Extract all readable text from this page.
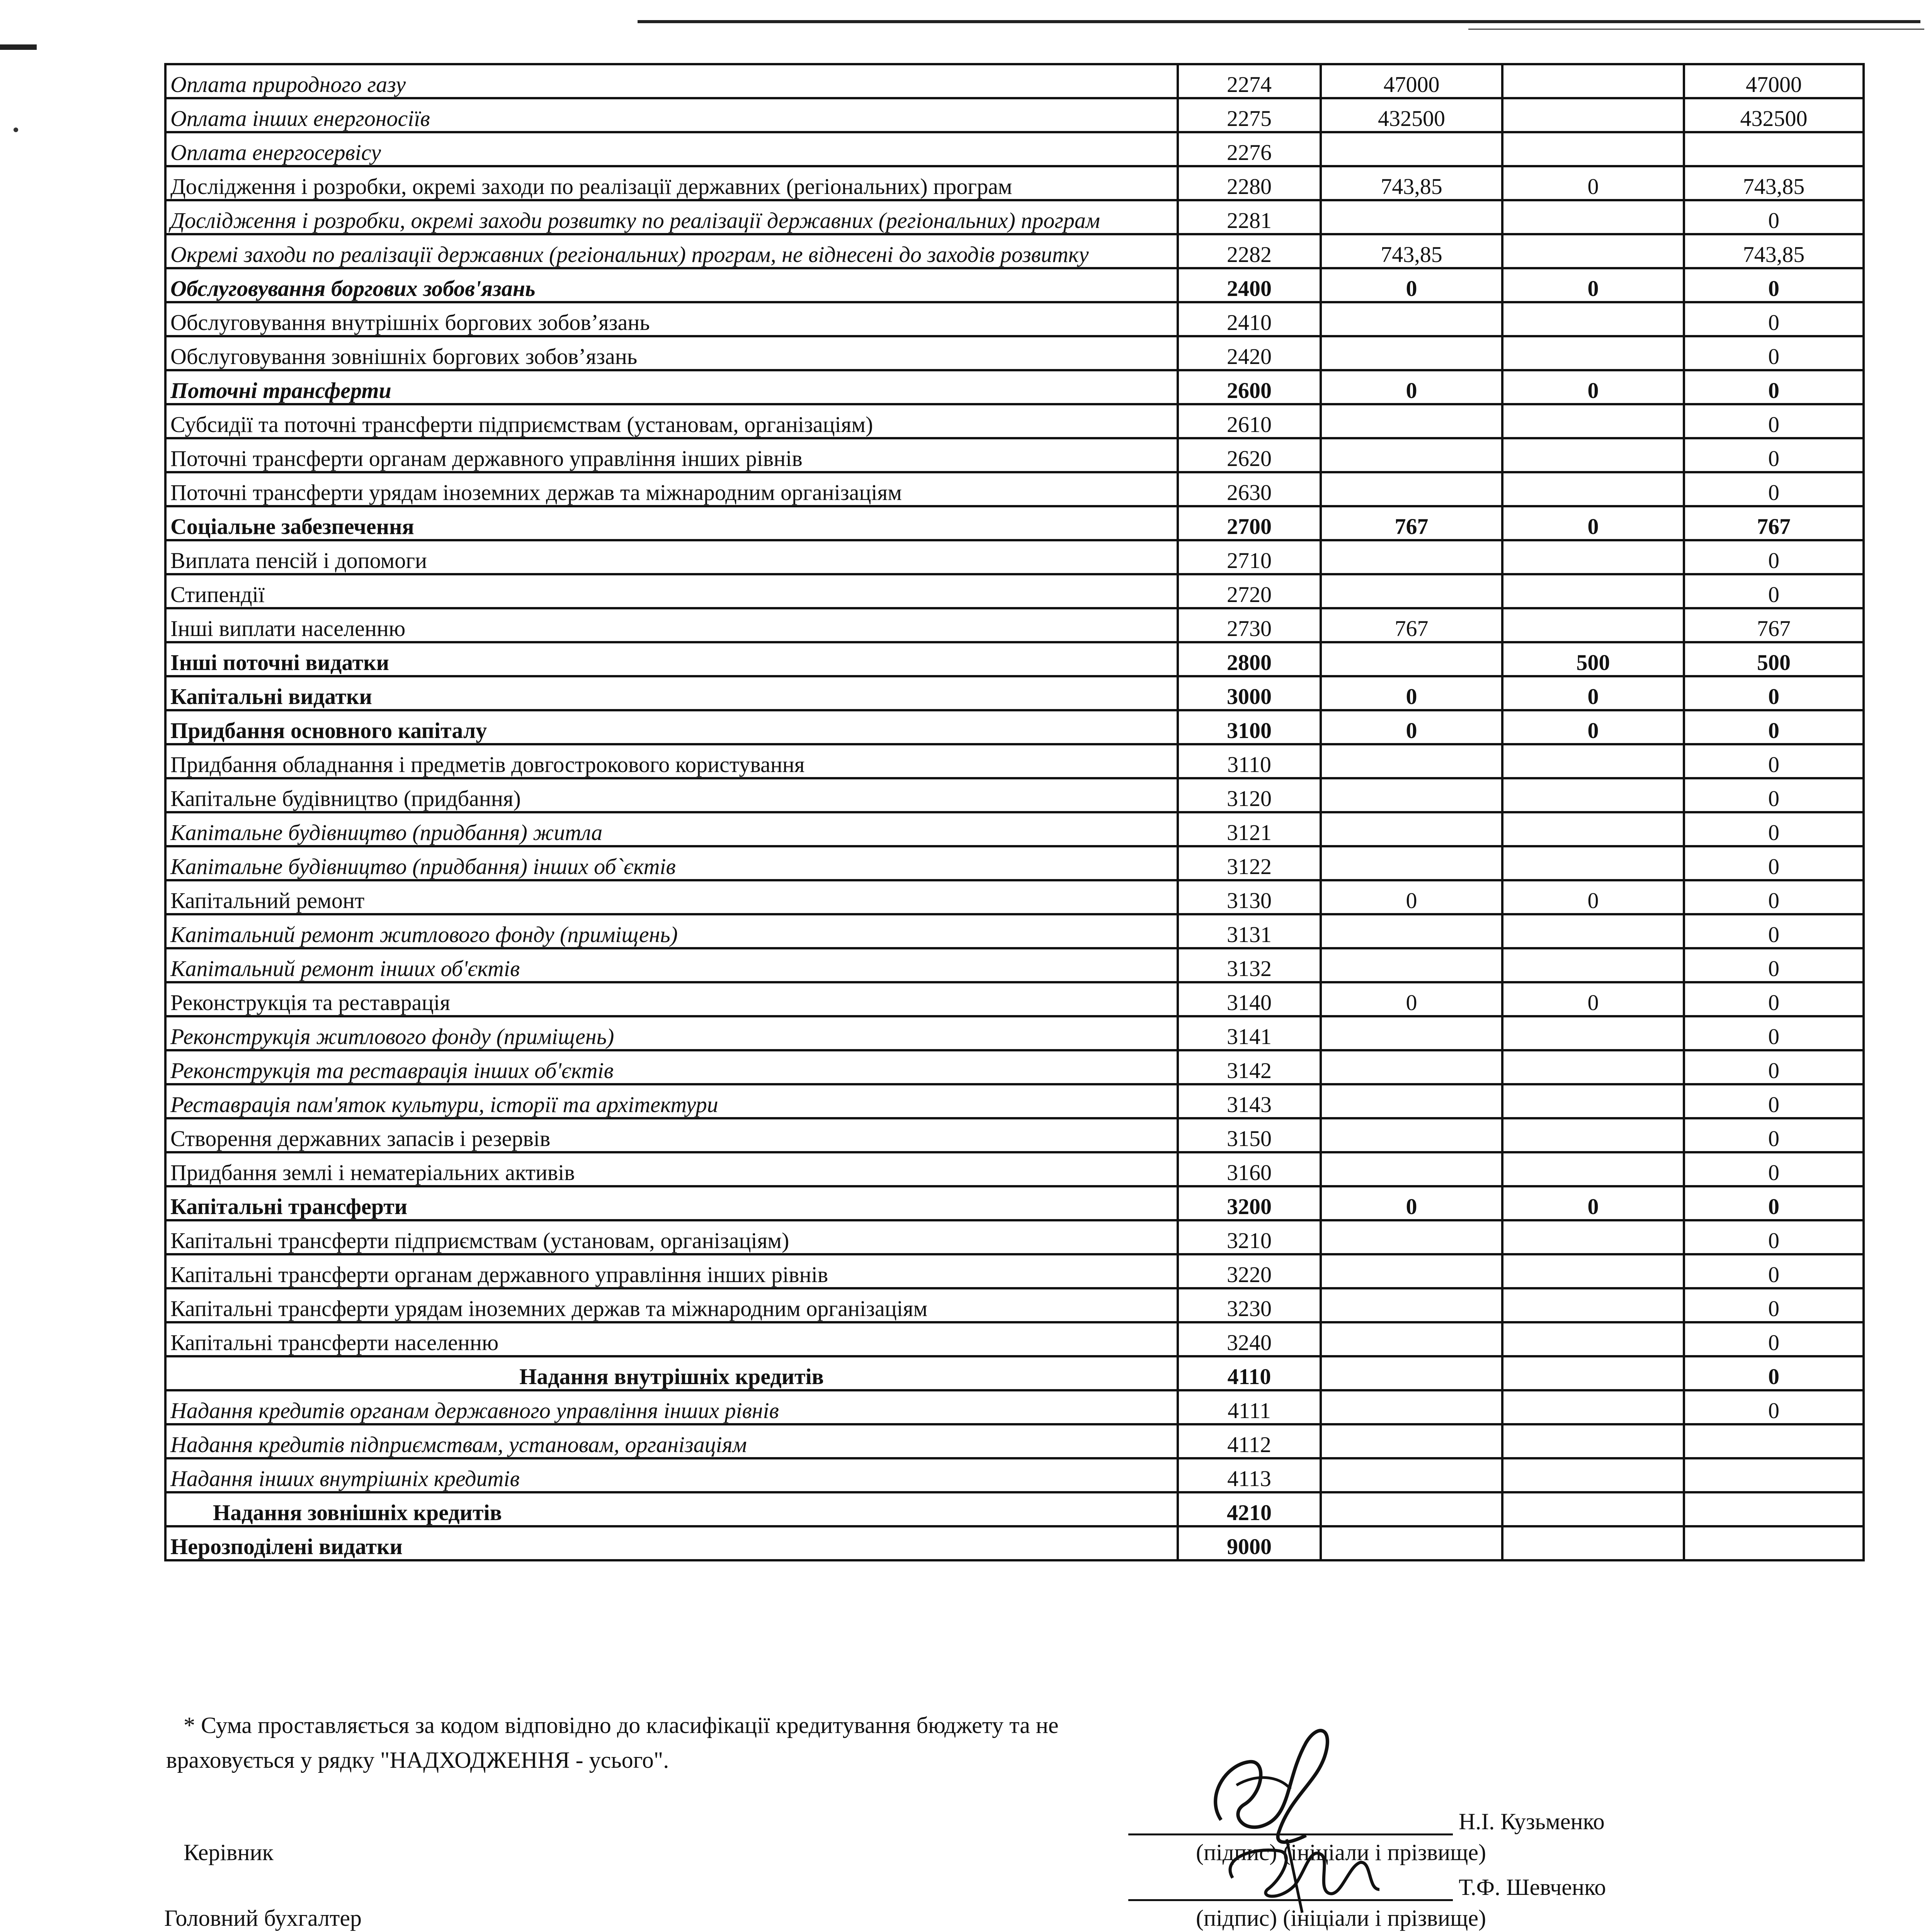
Оплата природного газу	2274	47000		47000
Оплата інших енергоносіїв	2275	432500		432500
Оплата енергосервісу	2276			
Дослідження і розробки, окремі заходи по реалізації державних (регіональних) програм	2280	743,85	0	743,85
Дослідження і розробки, окремі заходи розвитку по реалізації державних (регіональних) програм	2281			0
Окремі заходи по реалізації державних (регіональних) програм, не віднесені до заходів розвитку	2282	743,85		743,85
Обслуговування боргових зобов'язань	2400	0	0	0
Обслуговування внутрішніх боргових зобов’язань	2410			0
Обслуговування зовнішніх боргових зобов’язань	2420			0
Поточні трансферти	2600	0	0	0
Субсидії та поточні трансферти підприємствам (установам, організаціям)	2610			0
Поточні трансферти органам державного управління інших рівнів	2620			0
Поточні трансферти урядам іноземних держав та міжнародним організаціям	2630			0
Соціальне забезпечення	2700	767	0	767
Виплата пенсій і допомоги	2710			0
Стипендії	2720			0
Інші виплати населенню	2730	767		767
Інші поточні видатки	2800		500	500
Капітальні видатки	3000	0	0	0
Придбання основного капіталу	3100	0	0	0
Придбання обладнання і предметів довгострокового користування	3110			0
Капітальне будівництво (придбання)	3120			0
Капітальне будівництво (придбання) житла	3121			0
Капітальне будівництво (придбання) інших об`єктів	3122			0
Капітальний ремонт	3130	0	0	0
Капітальний ремонт житлового фонду (приміщень)	3131			0
Капітальний ремонт інших об'єктів	3132			0
Реконструкція та реставрація	3140	0	0	0
Реконструкція житлового фонду (приміщень)	3141			0
Реконструкція та реставрація інших об'єктів	3142			0
Реставрація пам'яток культури, історії та архітектури	3143			0
Створення державних запасів і резервів	3150			0
Придбання землі і нематеріальних активів	3160			0
Капітальні трансферти	3200	0	0	0
Капітальні трансферти підприємствам (установам, організаціям)	3210			0
Капітальні трансферти органам державного управління інших рівнів	3220			0
Капітальні трансферти урядам іноземних держав та міжнародним організаціям	3230			0
Капітальні трансферти населенню	3240			0
Надання внутрішніх кредитів	4110			0
Надання кредитів органам державного управління інших рівнів	4111			0
Надання кредитів підприємствам, установам, організаціям	4112			
Надання інших внутрішніх кредитів	4113			
Надання зовнішніх кредитів	4210			
Нерозподілені видатки	9000			
* Сума проставляється за кодом відповідно до класифікації кредитування бюджету та не враховується у рядку "НАДХОДЖЕННЯ - усього".
Н.І. Кузьменко
(підпис) (ініціали і прізвище)
Керівник
Т.Ф. Шевченко
(підпис) (ініціали і прізвище)
Головний бухгалтер
